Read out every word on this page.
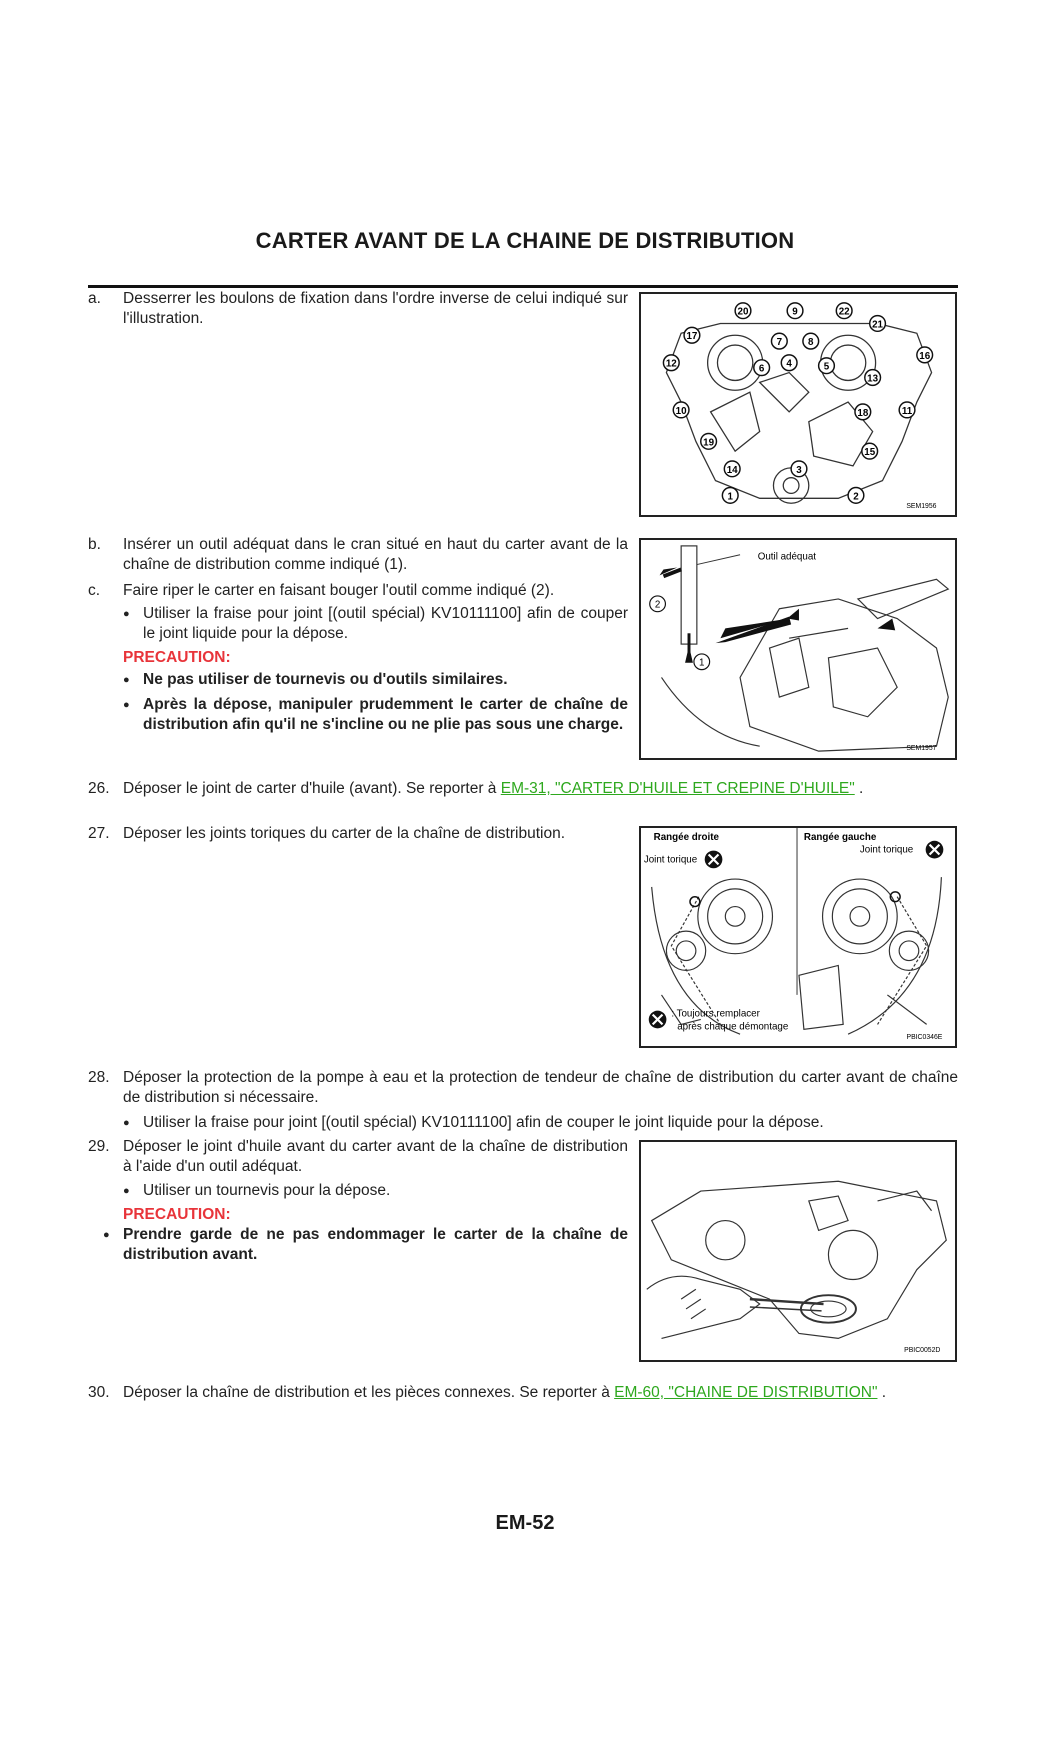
CARTER AVANT DE LA CHAINE DE DISTRIBUTION
a.	Desserrer les boulons de fixation dans l'ordre inverse de celui indiqué sur l'illustration.	20	9	22
21
17
7	8
16
12	6 4	5
13
10	18	11
19
15
14	3
1	2
SEM1956
b.	Insérer un outil adéquat dans le cran situé en haut du carter avant de la chaîne de distribution comme indiqué (1).
c.	Faire riper le carter en faisant bouger l'outil comme indiqué (2).
● Utiliser la fraise pour joint [(outil spécial) KV10111100] afin de couper le joint liquide pour la dépose.
PRECAUTION:
● Ne pas utiliser de tournevis ou d'outils similaires.
● Après la dépose, manipuler prudemment le carter de chaîne de distribution afin qu'il ne s'incline ou ne plie pas sous une charge.
2
1
Outil adéquat
SEM1957
26. Déposer le joint de carter d'huile (avant). Se reporter à EM-31, "CARTER D'HUILE ET CREPINE D'HUILE" .
27. Déposer les joints toriques du carter de la chaîne de distribution.	Rangée droite	Rangée gauche
Joint torique
Joint torique
: Toujours remplacer
après chaque démontage
PBIC0346E
28. Déposer la protection de la pompe à eau et la protection de tendeur de chaîne de distribution du carter avant de chaîne de distribution si nécessaire.
● Utiliser la fraise pour joint [(outil spécial) KV10111100] afin de couper le joint liquide pour la dépose.
29. Déposer le joint d'huile avant du carter avant de la chaîne de distribution à l'aide d'un outil adéquat.
● Utiliser un tournevis pour la dépose.
PRECAUTION:
● Prendre garde de ne pas endommager le carter de la chaîne de distribution avant.
PBIC0052D
30. Déposer la chaîne de distribution et les pièces connexes. Se reporter à EM-60, "CHAINE DE DISTRIBUTION" .
EM-52
